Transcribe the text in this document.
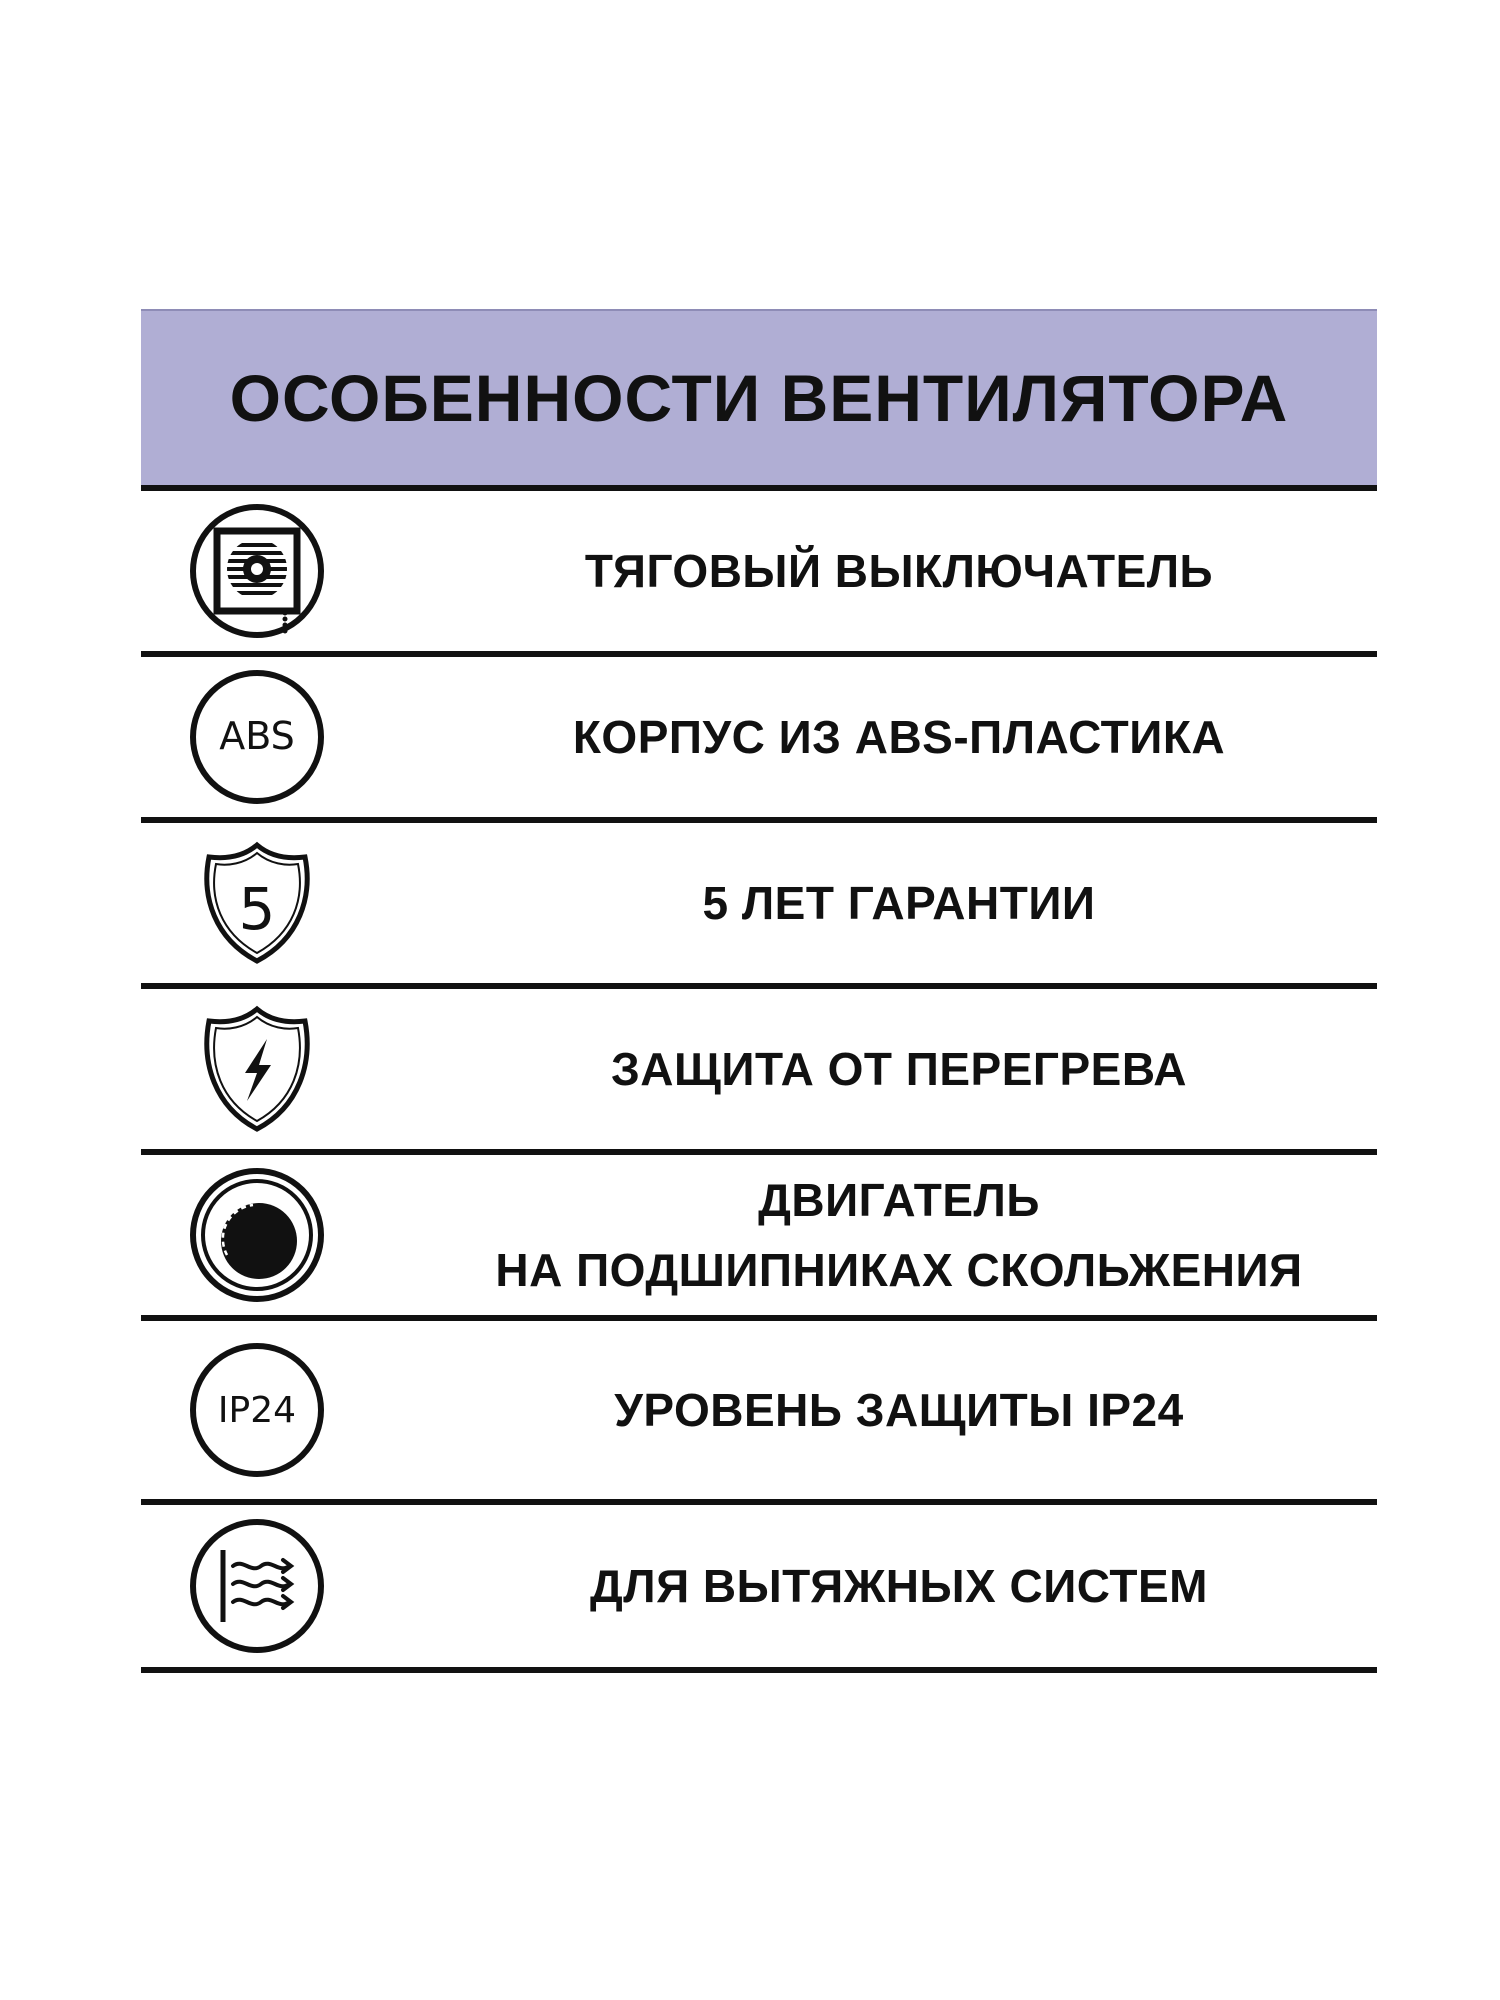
ОСОБЕННОСТИ ВЕНТИЛЯТОРА
ТЯГОВЫЙ ВЫКЛЮЧАТЕЛЬ
ABS	КОРПУС ИЗ ABS-ПЛАСТИКА
5	5 ЛЕТ ГАРАНТИИ
ЗАЩИТА ОТ ПЕРЕГРЕВА
ДВИГАТЕЛЬ
НА ПОДШИПНИКАХ СКОЛЬЖЕНИЯ
IP24	УРОВЕНЬ ЗАЩИТЫ IP24
ДЛЯ ВЫТЯЖНЫХ СИСТЕМ
